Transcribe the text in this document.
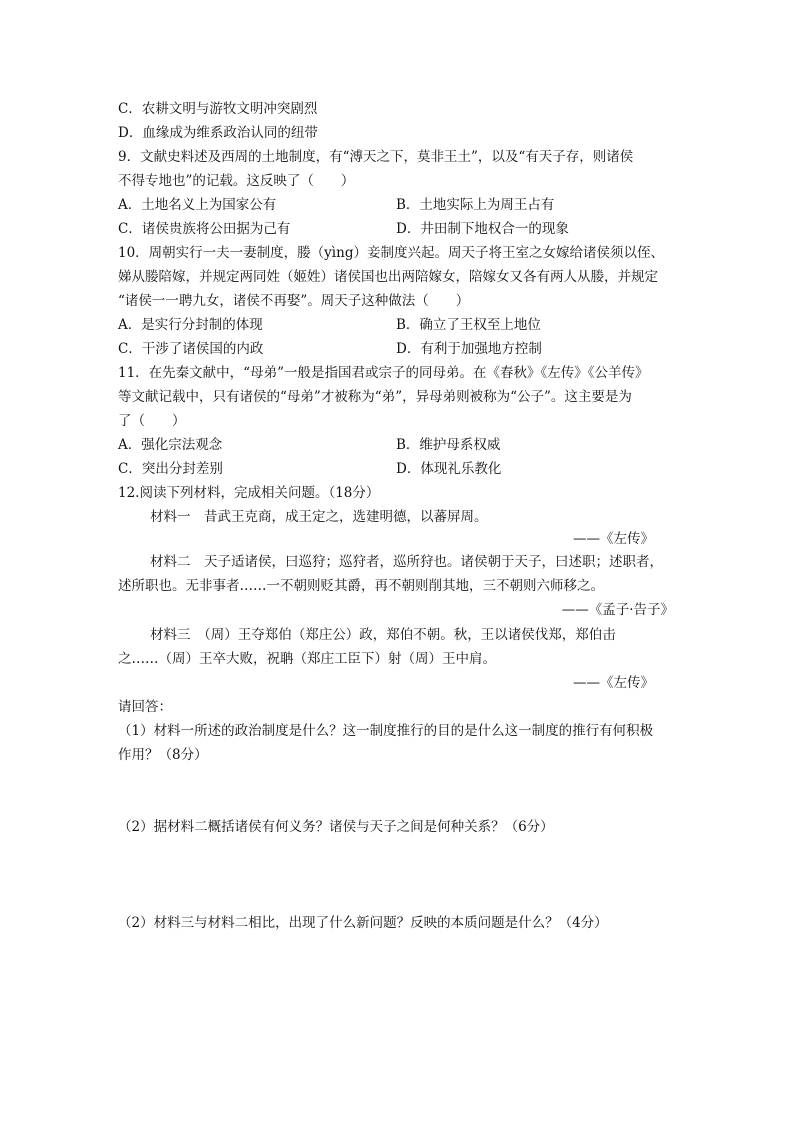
C．农耕文明与游牧文明冲突剧烈
D．血缘成为维系政治认同的纽带
9．文献史料述及西周的土地制度，有“溥天之下，莫非王土”，以及“有天子存，则诸侯
不得专地也”的记载。这反映了（　　）
A．土地名义上为国家公有	B．土地实际上为周王占有
C．诸侯贵族将公田据为己有	D．井田制下地权合一的现象
10．周朝实行一夫一妻制度，媵（yìng）妾制度兴起。周天子将王室之女嫁给诸侯须以侄、
娣从媵陪嫁，并规定两同姓（姬姓）诸侯国也出两陪嫁女，陪嫁女又各有两人从媵，并规定
“诸侯一一聘九女，诸侯不再娶”。周天子这种做法（　　）
A．是实行分封制的体现	B．确立了王权至上地位
C．干涉了诸侯国的内政	D．有利于加强地方控制
11．在先秦文献中，“母弟”一般是指国君或宗子的同母弟。在《春秋》《左传》《公羊传》
等文献记载中，只有诸侯的“母弟”才被称为“弟”，异母弟则被称为“公子”。这主要是为
了（　　）
A．强化宗法观念	B．维护母系权威
C．突出分封差别	D．体现礼乐教化
12.阅读下列材料，完成相关问题。（18分）
材料一　昔武王克商，成王定之，选建明德，以蕃屏周。
——《左传》
材料二　天子适诸侯，曰巡狩；巡狩者，巡所狩也。诸侯朝于天子，曰述职；述职者，
述所职也。无非事者……一不朝则贬其爵，再不朝则削其地，三不朝则六师移之。
——《孟子·告子》
材料三　（周）王夺郑伯（郑庄公）政，郑伯不朝。秋，王以诸侯伐郑，郑伯击
之……（周）王卒大败，祝聃（郑庄工臣下）射（周）王中肩。
——《左传》
请回答：
（1）材料一所述的政治制度是什么？这一制度推行的目的是什么这一制度的推行有何积极
作用？（8分）
（2）据材料二概括诸侯有何义务？诸侯与天子之间是何种关系？（6分）
（2）材料三与材料二相比，出现了什么新问题？反映的本质问题是什么？（4分）
